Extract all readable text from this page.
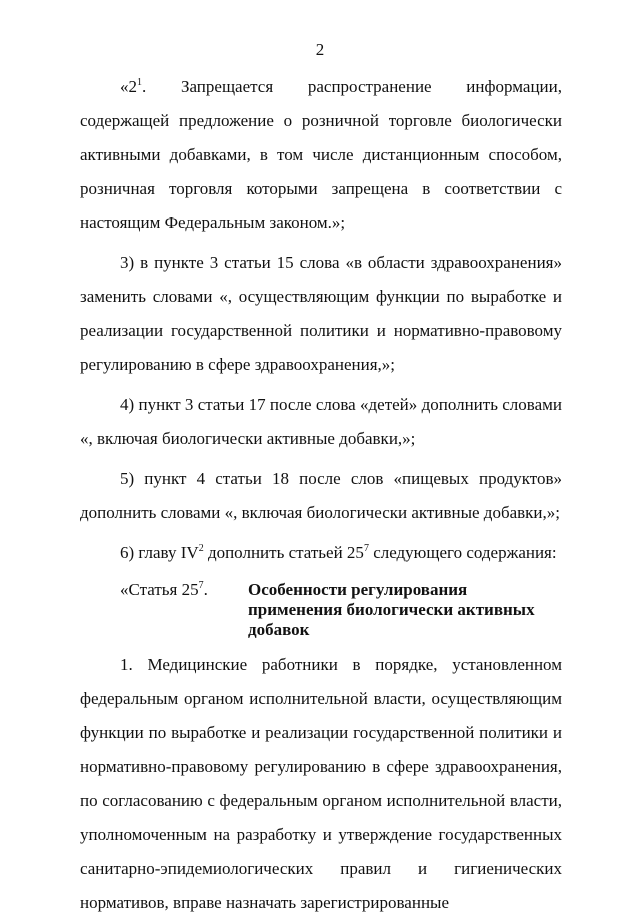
2

«$2^1$. Запрещается распространение информации, содержащей предложение о розничной торговле биологически активными добавками, в том числе дистанционным способом, розничная торговля которыми запрещена в соответствии с настоящим Федеральным законом.»;

3) в пункте 3 статьи 15 слова «в области здравоохранения» заменить словами «, осуществляющим функции по выработке и реализации государственной политики и нормативно-правовому регулированию в сфере здравоохранения,»;

4) пункт 3 статьи 17 после слова «детей» дополнить словами «, включая биологически активные добавки,»;

5) пункт 4 статьи 18 после слов «пищевых продуктов» дополнить словами «, включая биологически активные добавки,»;

6) главу $IV^2$ дополнить статьей $25^7$ следующего содержания:

«Статья $25^7$.	Особенности регулирования применения биологически активных добавок

1. Медицинские работники в порядке, установленном федеральным органом исполнительной власти, осуществляющим функции по выработке и реализации государственной политики и нормативно-правовому регулированию в сфере здравоохранения, по согласованию с федеральным органом исполнительной власти, уполномоченным на разработку и утверждение государственных санитарно-эпидемиологических правил и гигиенических нормативов, вправе назначать зарегистрированные
